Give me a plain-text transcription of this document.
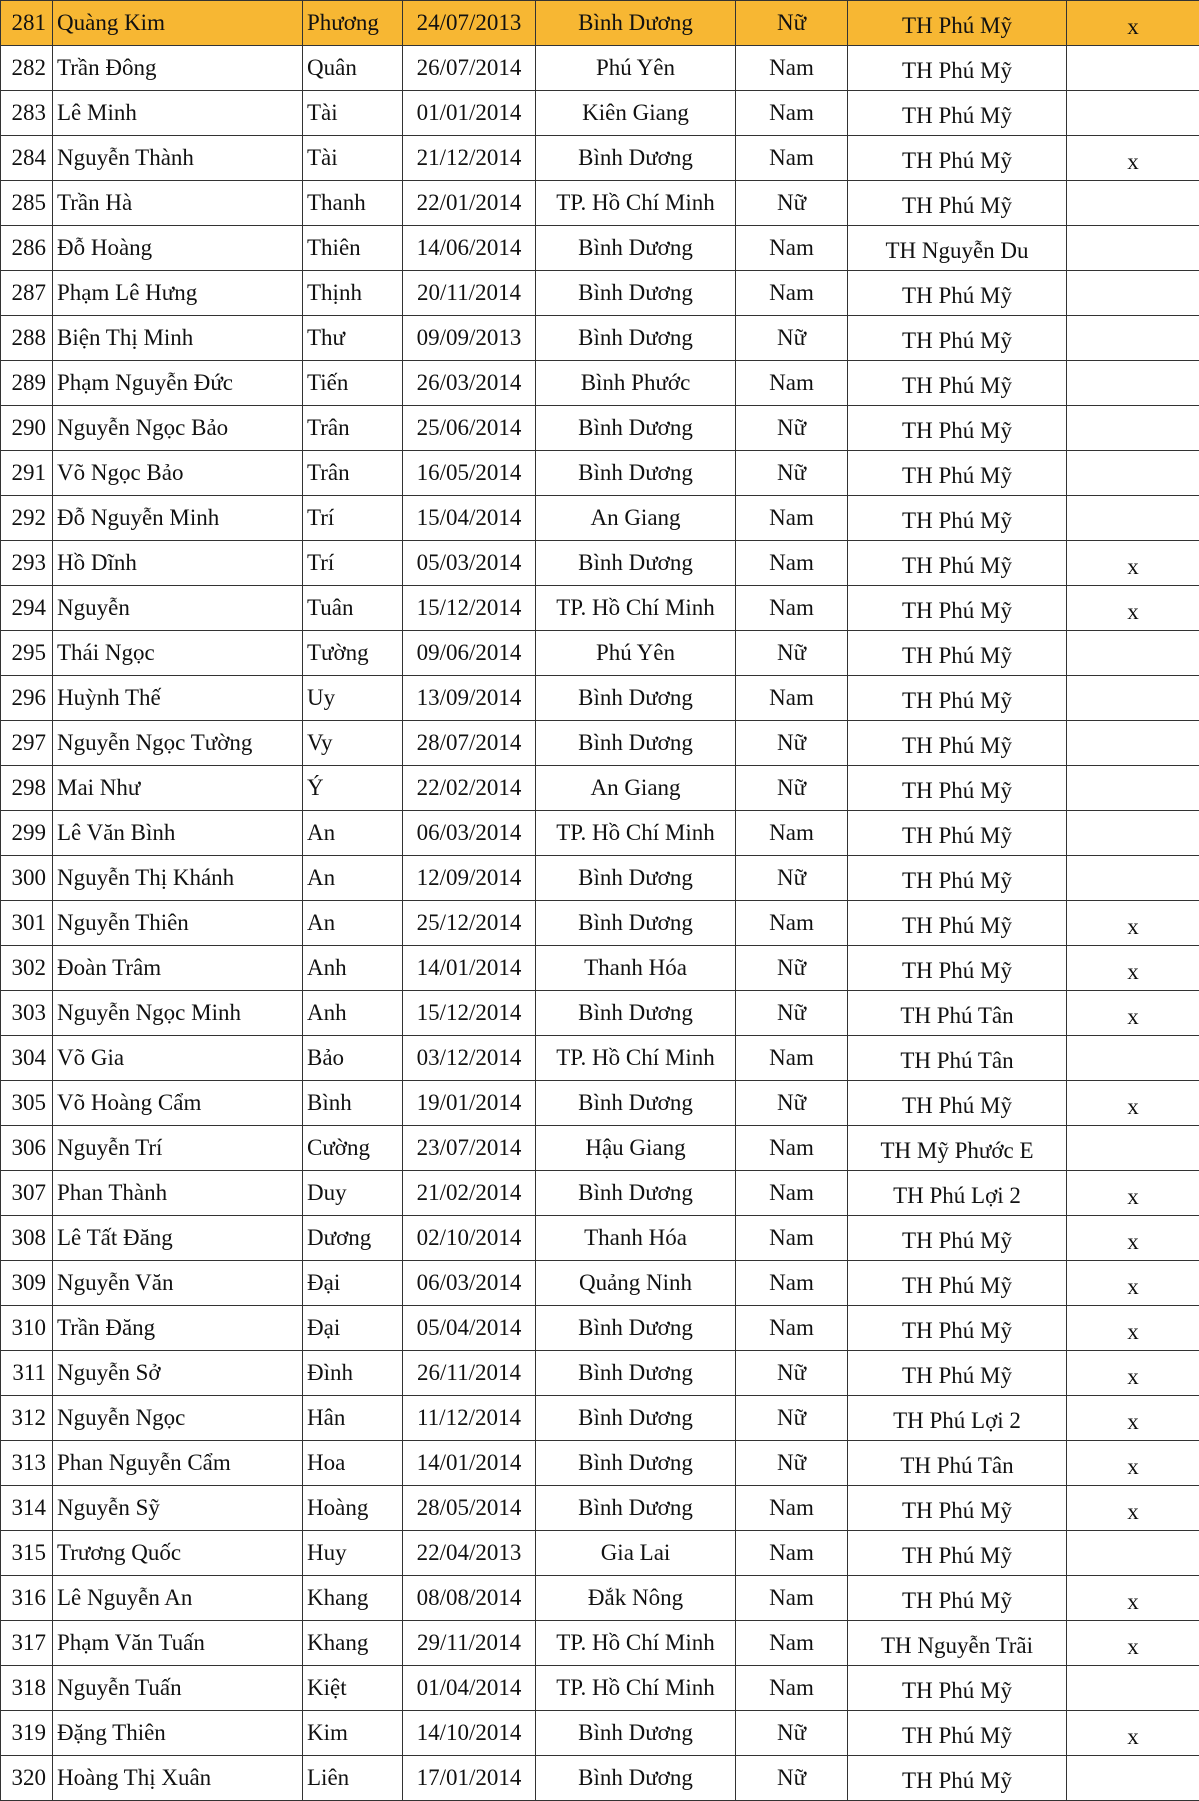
281	Quàng Kim	Phương	24/07/2013	Bình Dương	Nữ	TH Phú Mỹ	x
282	Trần Đông	Quân	26/07/2014	Phú Yên	Nam	TH Phú Mỹ	
283	Lê Minh	Tài	01/01/2014	Kiên Giang	Nam	TH Phú Mỹ	
284	Nguyễn Thành	Tài	21/12/2014	Bình Dương	Nam	TH Phú Mỹ	x
285	Trần Hà	Thanh	22/01/2014	TP. Hồ Chí Minh	Nữ	TH Phú Mỹ	
286	Đỗ Hoàng	Thiên	14/06/2014	Bình Dương	Nam	TH Nguyễn Du	
287	Phạm Lê Hưng	Thịnh	20/11/2014	Bình Dương	Nam	TH Phú Mỹ	
288	Biện Thị Minh	Thư	09/09/2013	Bình Dương	Nữ	TH Phú Mỹ	
289	Phạm Nguyễn Đức	Tiến	26/03/2014	Bình Phước	Nam	TH Phú Mỹ	
290	Nguyễn Ngọc Bảo	Trân	25/06/2014	Bình Dương	Nữ	TH Phú Mỹ	
291	Võ Ngọc Bảo	Trân	16/05/2014	Bình Dương	Nữ	TH Phú Mỹ	
292	Đỗ Nguyễn Minh	Trí	15/04/2014	An Giang	Nam	TH Phú Mỹ	
293	Hồ Dĩnh	Trí	05/03/2014	Bình Dương	Nam	TH Phú Mỹ	x
294	Nguyễn	Tuân	15/12/2014	TP. Hồ Chí Minh	Nam	TH Phú Mỹ	x
295	Thái Ngọc	Tường	09/06/2014	Phú Yên	Nữ	TH Phú Mỹ	
296	Huỳnh Thế	Uy	13/09/2014	Bình Dương	Nam	TH Phú Mỹ	
297	Nguyễn Ngọc Tường	Vy	28/07/2014	Bình Dương	Nữ	TH Phú Mỹ	
298	Mai Như	Ý	22/02/2014	An Giang	Nữ	TH Phú Mỹ	
299	Lê Văn Bình	An	06/03/2014	TP. Hồ Chí Minh	Nam	TH Phú Mỹ	
300	Nguyễn Thị Khánh	An	12/09/2014	Bình Dương	Nữ	TH Phú Mỹ	
301	Nguyễn Thiên	An	25/12/2014	Bình Dương	Nam	TH Phú Mỹ	x
302	Đoàn Trâm	Anh	14/01/2014	Thanh Hóa	Nữ	TH Phú Mỹ	x
303	Nguyễn Ngọc Minh	Anh	15/12/2014	Bình Dương	Nữ	TH Phú Tân	x
304	Võ Gia	Bảo	03/12/2014	TP. Hồ Chí Minh	Nam	TH Phú Tân	
305	Võ Hoàng Cẩm	Bình	19/01/2014	Bình Dương	Nữ	TH Phú Mỹ	x
306	Nguyễn Trí	Cường	23/07/2014	Hậu Giang	Nam	TH Mỹ Phước E	
307	Phan Thành	Duy	21/02/2014	Bình Dương	Nam	TH Phú Lợi 2	x
308	Lê Tất Đăng	Dương	02/10/2014	Thanh Hóa	Nam	TH Phú Mỹ	x
309	Nguyễn Văn	Đại	06/03/2014	Quảng Ninh	Nam	TH Phú Mỹ	x
310	Trần Đăng	Đại	05/04/2014	Bình Dương	Nam	TH Phú Mỹ	x
311	Nguyễn Sở	Đình	26/11/2014	Bình Dương	Nữ	TH Phú Mỹ	x
312	Nguyễn Ngọc	Hân	11/12/2014	Bình Dương	Nữ	TH Phú Lợi 2	x
313	Phan Nguyễn Cẩm	Hoa	14/01/2014	Bình Dương	Nữ	TH Phú Tân	x
314	Nguyễn Sỹ	Hoàng	28/05/2014	Bình Dương	Nam	TH Phú Mỹ	x
315	Trương Quốc	Huy	22/04/2013	Gia Lai	Nam	TH Phú Mỹ	
316	Lê Nguyễn An	Khang	08/08/2014	Đắk Nông	Nam	TH Phú Mỹ	x
317	Phạm Văn Tuấn	Khang	29/11/2014	TP. Hồ Chí Minh	Nam	TH Nguyễn Trãi	x
318	Nguyễn Tuấn	Kiệt	01/04/2014	TP. Hồ Chí Minh	Nam	TH Phú Mỹ	
319	Đặng Thiên	Kim	14/10/2014	Bình Dương	Nữ	TH Phú Mỹ	x
320	Hoàng Thị Xuân	Liên	17/01/2014	Bình Dương	Nữ	TH Phú Mỹ	
